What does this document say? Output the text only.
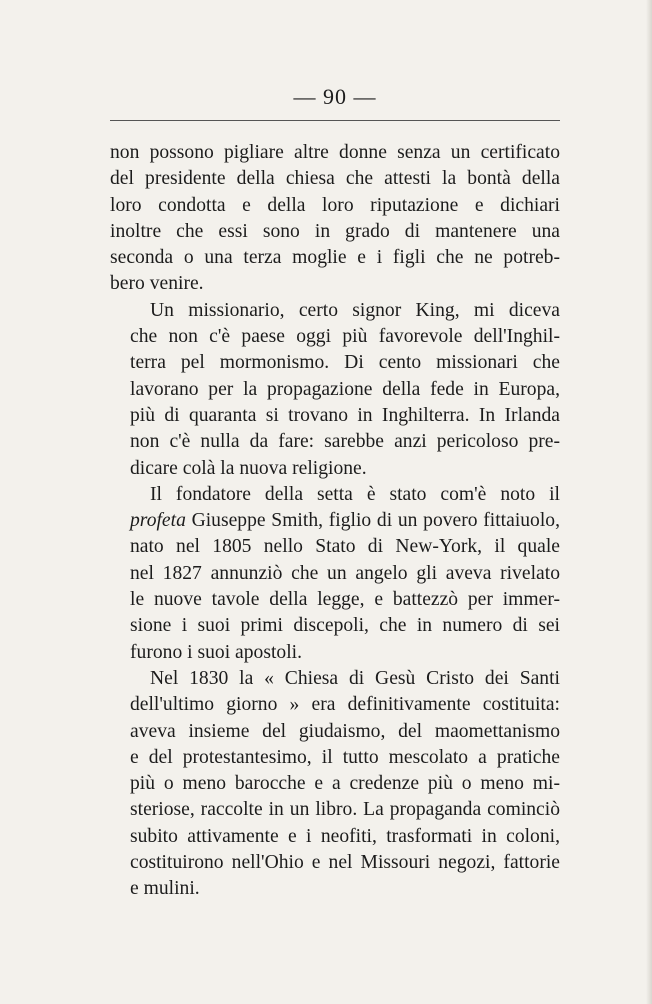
— 90 —

non possono pigliare altre donne senza un certificato
del presidente della chiesa che attesti la bontà della
loro condotta e della loro riputazione e dichiari
inoltre che essi sono in grado di mantenere una
seconda o una terza moglie e i figli che ne potreb-
bero venire.

Un missionario, certo signor King, mi diceva
che non c'è paese oggi più favorevole dell'Inghil-
terra pel mormonismo. Di cento missionari che
lavorano per la propagazione della fede in Europa,
più di quaranta si trovano in Inghilterra. In Irlanda
non c'è nulla da fare: sarebbe anzi pericoloso pre-
dicare colà la nuova religione.

Il fondatore della setta è stato com'è noto il
profeta Giuseppe Smith, figlio di un povero fittaiuolo,
nato nel 1805 nello Stato di New-York, il quale
nel 1827 annunziò che un angelo gli aveva rivelato
le nuove tavole della legge, e battezzò per immer-
sione i suoi primi discepoli, che in numero di sei
furono i suoi apostoli.

Nel 1830 la « Chiesa di Gesù Cristo dei Santi
dell'ultimo giorno » era definitivamente costituita:
aveva insieme del giudaismo, del maomettanismo
e del protestantesimo, il tutto mescolato a pratiche
più o meno barocche e a credenze più o meno mi-
steriose, raccolte in un libro. La propaganda cominciò
subito attivamente e i neofiti, trasformati in coloni,
costituirono nell'Ohio e nel Missouri negozi, fattorie
e mulini.
